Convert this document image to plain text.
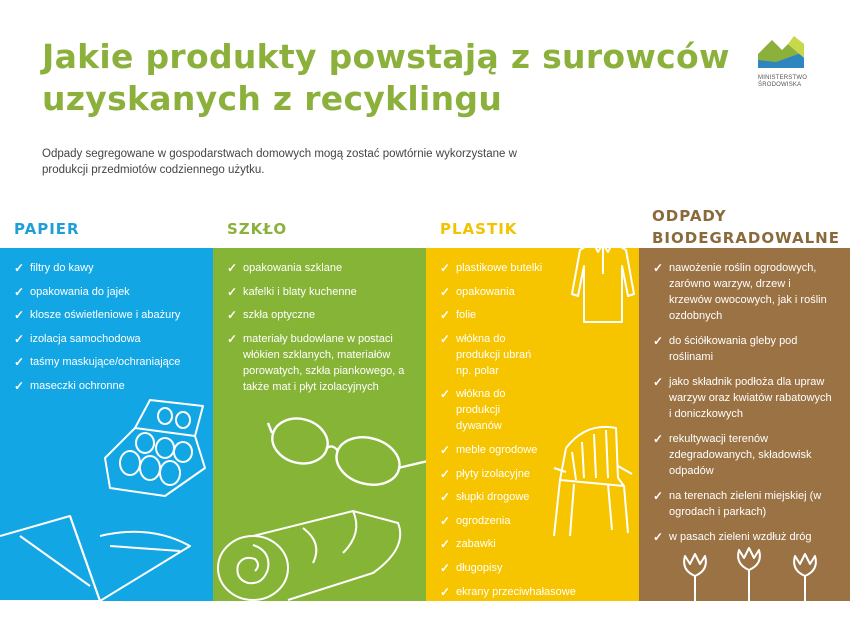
Jakie produkty powstają z surowców
uzyskanych z recyklingu
MINISTERSTWO
ŚRODOWISKA
Odpady segregowane w gospodarstwach domowych mogą zostać powtórnie wykorzystane w produkcji przedmiotów codziennego użytku.
PAPIER	SZKŁO	PLASTIK
ODPADY BIODEGRADOWALNE
✓ filtry do kawy
✓ opakowania do jajek
✓ klosze oświetleniowe i abażury
✓ izolacja samochodowa
✓ taśmy maskujące/ochraniające
✓ maseczki ochronne
✓ opakowania szklane
✓ kafelki i blaty kuchenne
✓ szkła optyczne
✓ materiały budowlane w postaci włókien szklanych, materiałów porowatych, szkła piankowego, a także mat i płyt izolacyjnych
✓ plastikowe butelki
✓ opakowania
✓ folie
✓ włókna do produkcji ubrań np. polar
✓ włókna do produkcji dywanów
✓ meble ogrodowe
✓ płyty izolacyjne
✓ słupki drogowe
✓ ogrodzenia
✓ zabawki
✓ długopisy
✓ ekrany przeciwhałasowe
✓ ramy okienne z PVC
✓ nawożenie roślin ogrodowych, zarówno warzyw, drzew i krzewów owocowych, jak i roślin ozdobnych
✓ do ściółkowania gleby pod roślinami
✓ jako składnik podłoża dla upraw warzyw oraz kwiatów rabatowych i doniczkowych
✓ rekultywacji terenów zdegradowanych, składowisk odpadów
✓ na terenach zieleni miejskiej (w ogrodach i parkach)
✓ w pasach zieleni wzdłuż dróg
